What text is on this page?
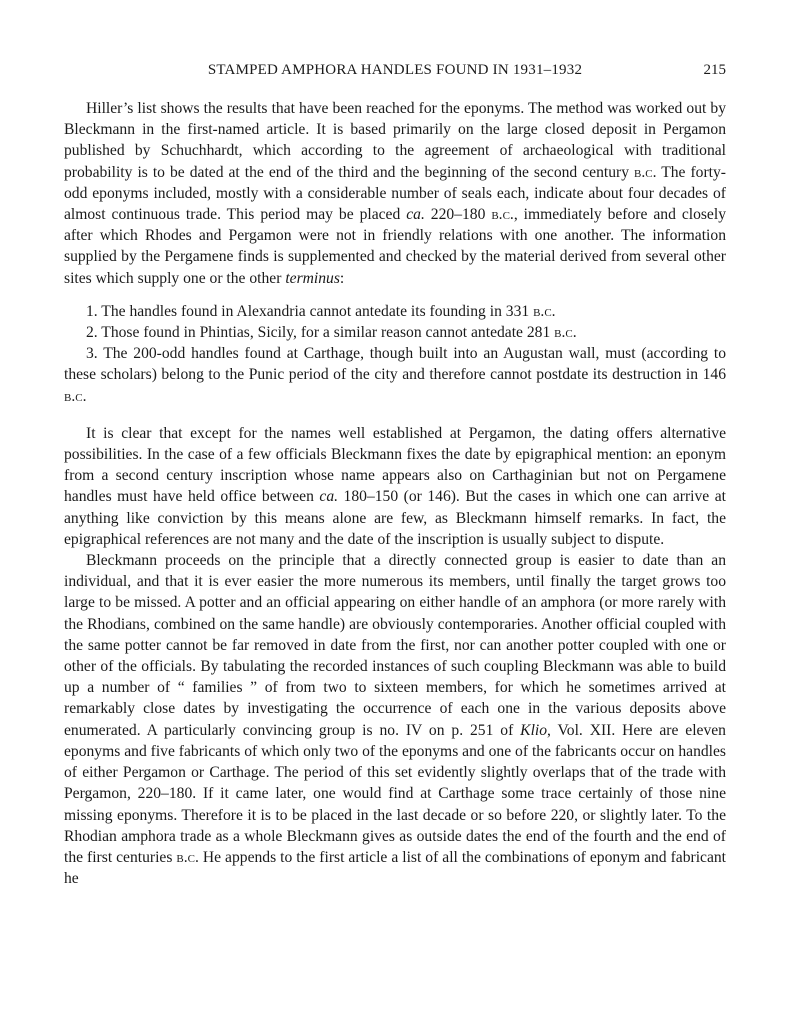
STAMPED AMPHORA HANDLES FOUND IN 1931–1932	215

Hiller’s list shows the results that have been reached for the eponyms. The method was worked out by Bleckmann in the first-named article. It is based primarily on the large closed deposit in Pergamon published by Schuchhardt, which according to the agreement of archaeological with traditional probability is to be dated at the end of the third and the beginning of the second century b.c. The forty-odd eponyms included, mostly with a considerable number of seals each, indicate about four decades of almost continuous trade. This period may be placed ca. 220–180 b.c., immediately before and closely after which Rhodes and Pergamon were not in friendly relations with one another. The information supplied by the Pergamene finds is supplemented and checked by the material derived from several other sites which supply one or the other terminus:

1. The handles found in Alexandria cannot antedate its founding in 331 b.c.

2. Those found in Phintias, Sicily, for a similar reason cannot antedate 281 b.c.

3. The 200-odd handles found at Carthage, though built into an Augustan wall, must (according to these scholars) belong to the Punic period of the city and therefore cannot postdate its destruction in 146 b.c.

It is clear that except for the names well established at Pergamon, the dating offers alternative possibilities. In the case of a few officials Bleckmann fixes the date by epigraphical mention: an eponym from a second century inscription whose name appears also on Carthaginian but not on Pergamene handles must have held office between ca. 180–150 (or 146). But the cases in which one can arrive at anything like conviction by this means alone are few, as Bleckmann himself remarks. In fact, the epigraphical references are not many and the date of the inscription is usually subject to dispute.

Bleckmann proceeds on the principle that a directly connected group is easier to date than an individual, and that it is ever easier the more numerous its members, until finally the target grows too large to be missed. A potter and an official appearing on either handle of an amphora (or more rarely with the Rhodians, combined on the same handle) are obviously contemporaries. Another official coupled with the same potter cannot be far removed in date from the first, nor can another potter coupled with one or other of the officials. By tabulating the recorded instances of such coupling Bleckmann was able to build up a number of “ families ” of from two to sixteen members, for which he sometimes arrived at remarkably close dates by investigating the occurrence of each one in the various deposits above enumerated. A particularly convincing group is no. IV on p. 251 of Klio, Vol. XII. Here are eleven eponyms and five fabricants of which only two of the eponyms and one of the fabricants occur on handles of either Pergamon or Carthage. The period of this set evidently slightly overlaps that of the trade with Pergamon, 220–180. If it came later, one would find at Carthage some trace certainly of those nine missing eponyms. Therefore it is to be placed in the last decade or so before 220, or slightly later. To the Rhodian amphora trade as a whole Bleckmann gives as outside dates the end of the fourth and the end of the first centuries b.c. He appends to the first article a list of all the combinations of eponym and fabricant he
